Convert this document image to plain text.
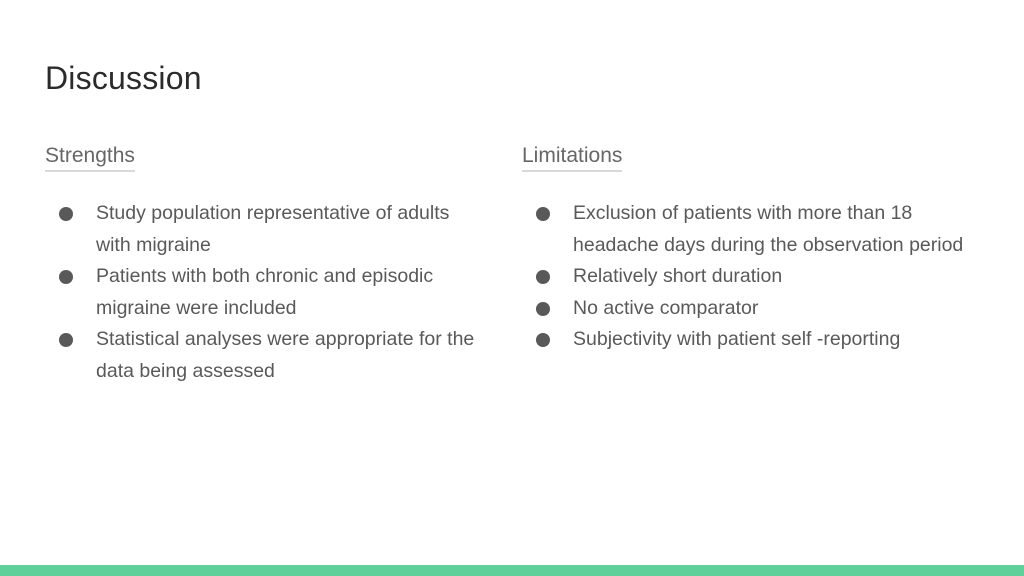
Discussion
Strengths
Study population representative of adults with migraine
Patients with both chronic and episodic migraine were included
Statistical analyses were appropriate for the data being assessed
Limitations
Exclusion of patients with more than 18 headache days during the observation period
Relatively short duration
No active comparator
Subjectivity with patient self -reporting
